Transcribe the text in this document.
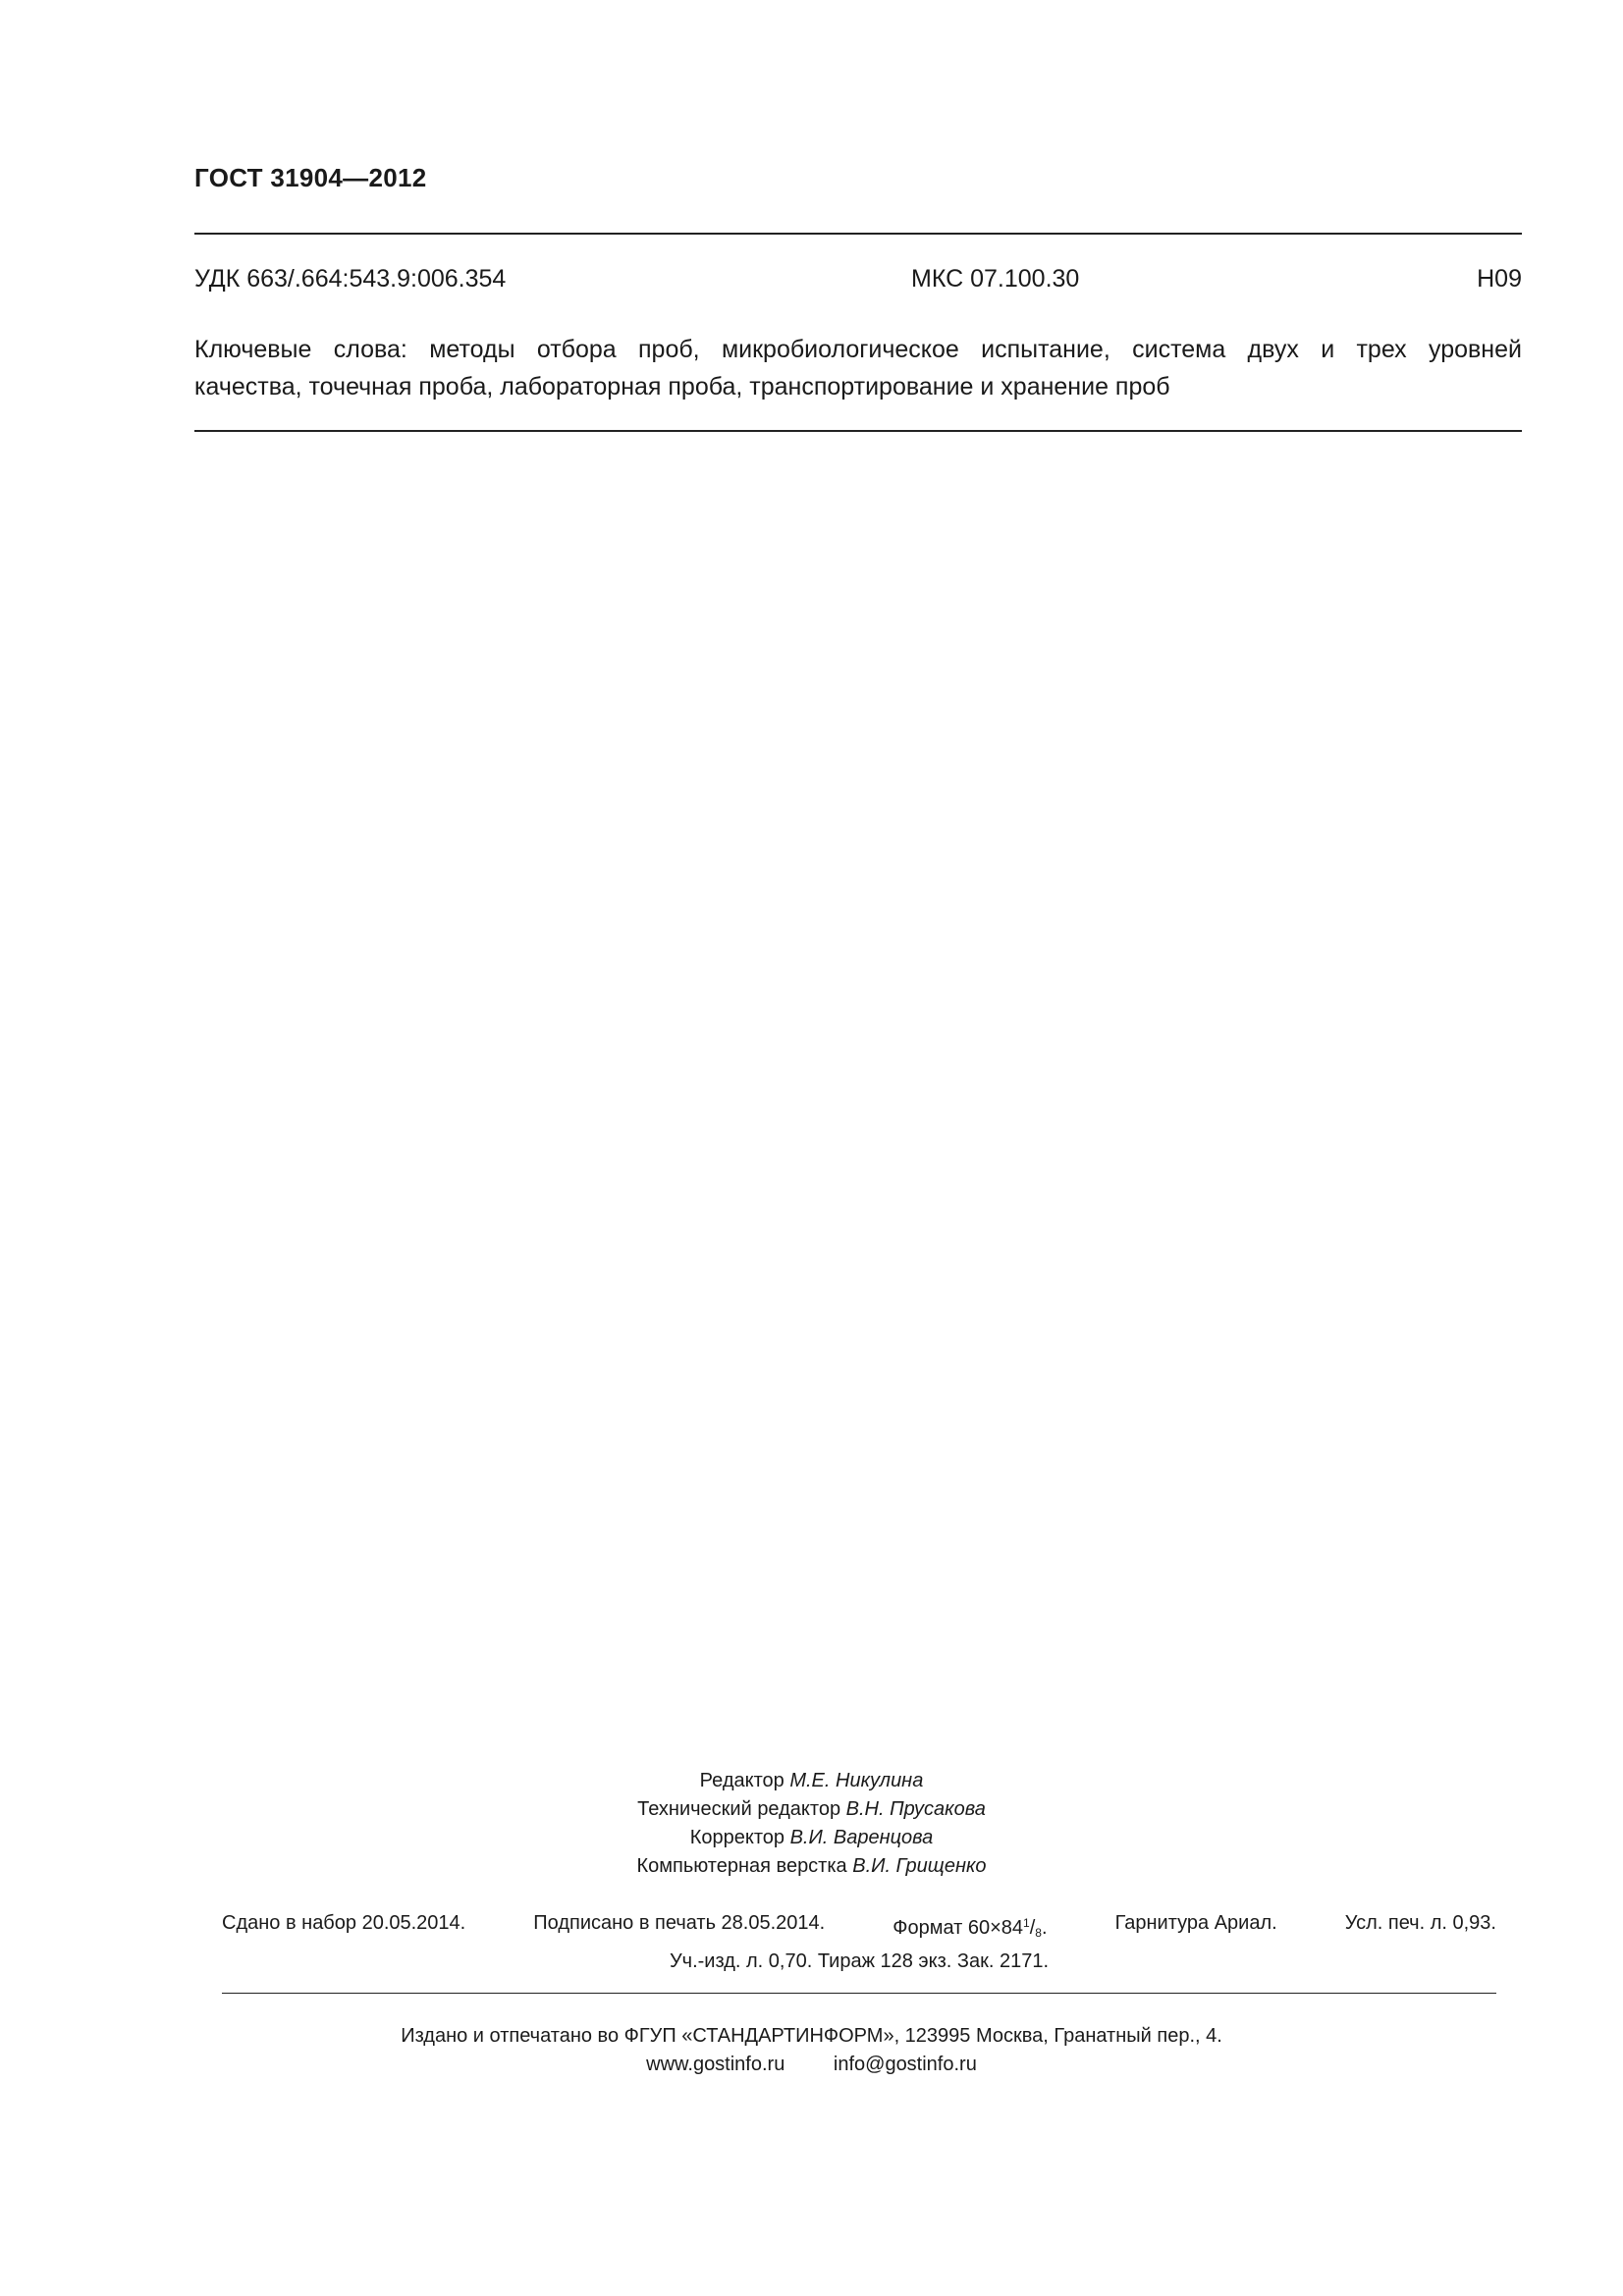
ГОСТ 31904—2012
УДК 663/.664:543.9:006.354	МКС 07.100.30	Н09
Ключевые слова: методы отбора проб, микробиологическое испытание, система двух и трех уровней
качества, точечная проба, лабораторная проба, транспортирование и хранение проб
Редактор М.Е. Никулина
Технический редактор В.Н. Прусакова
Корректор В.И. Варенцова
Компьютерная верстка В.И. Грищенко
Сдано в набор 20.05.2014.	Подписано в печать 28.05.2014.	Формат $60\times 84^1/_8$.	Гарнитура Ариал.	Усл. печ. л. 0,93.
Уч.-изд. л. 0,70. Тираж 128 экз. Зак. 2171.
Издано и отпечатано во ФГУП «СТАНДАРТИНФОРМ», 123995 Москва, Гранатный пер., 4.
www.gostinfo.ru info@gostinfo.ru
